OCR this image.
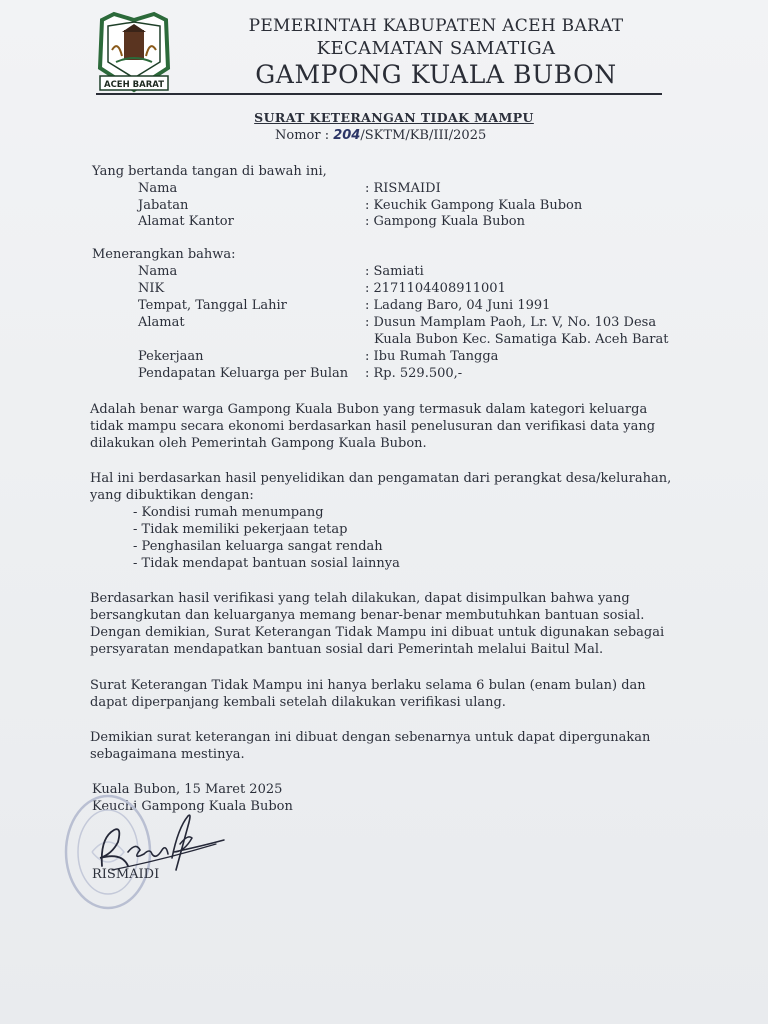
ACEH BARAT
PEMERINTAH KABUPATEN ACEH BARAT
KECAMATAN SAMATIGA
GAMPONG KUALA BUBON
SURAT KETERANGAN TIDAK MAMPU
Nomor : 204/SKTM/KB/III/2025
Yang bertanda tangan di bawah ini,
Nama	: RISMAIDI
Jabatan	: Keuchik Gampong Kuala Bubon
Alamat Kantor	: Gampong Kuala Bubon
Menerangkan bahwa:
Nama	: Samiati
NIK	: 2171104408911001
Tempat, Tanggal Lahir	: Ladang Baro, 04 Juni 1991
Alamat	: Dusun Mamplam Paoh, Lr. V, No. 103 Desa
Kuala Bubon Kec. Samatiga Kab. Aceh Barat
Pekerjaan	: Ibu Rumah Tangga
Pendapatan Keluarga per Bulan : Rp. 529.500,-
Adalah benar warga Gampong Kuala Bubon yang termasuk dalam kategori keluarga
tidak mampu secara ekonomi berdasarkan hasil penelusuran dan verifikasi data yang
dilakukan oleh Pemerintah Gampong Kuala Bubon.
Hal ini berdasarkan hasil penyelidikan dan pengamatan dari perangkat desa/kelurahan,
yang dibuktikan dengan:
- Kondisi rumah menumpang
- Tidak memiliki pekerjaan tetap
- Penghasilan keluarga sangat rendah
- Tidak mendapat bantuan sosial lainnya
Berdasarkan hasil verifikasi yang telah dilakukan, dapat disimpulkan bahwa yang
bersangkutan dan keluarganya memang benar-benar membutuhkan bantuan sosial.
Dengan demikian, Surat Keterangan Tidak Mampu ini dibuat untuk digunakan sebagai
persyaratan mendapatkan bantuan sosial dari Pemerintah melalui Baitul Mal.
Surat Keterangan Tidak Mampu ini hanya berlaku selama 6 bulan (enam bulan) dan
dapat diperpanjang kembali setelah dilakukan verifikasi ulang.
Demikian surat keterangan ini dibuat dengan sebenarnya untuk dapat dipergunakan
sebagaimana mestinya.
Kuala Bubon, 15 Maret 2025
Keuchi Gampong Kuala Bubon
RISMAIDI
